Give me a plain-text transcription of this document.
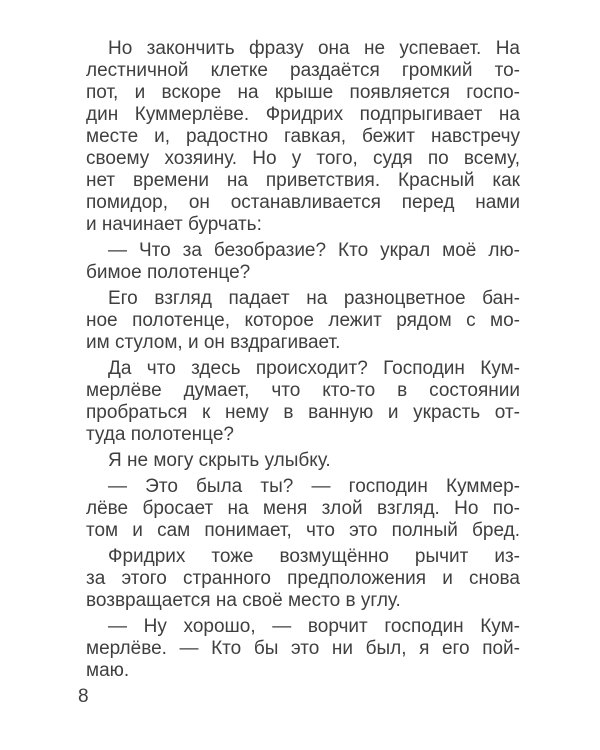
Но закончить фразу она не успевает. На
лестничной клетке раздаётся громкий то-
пот, и вскоре на крыше появляется госпо-
дин Куммерлёве. Фридрих подпрыгивает на
месте и, радостно гавкая, бежит навстречу
своему хозяину. Но у того, судя по всему,
нет времени на приветствия. Красный как
помидор, он останавливается перед нами
и начинает бурчать:
— Что за безобразие? Кто украл моё лю-
бимое полотенце?
Его взгляд падает на разноцветное бан-
ное полотенце, которое лежит рядом с мо-
им стулом, и он вздрагивает.
Да что здесь происходит? Господин Кум-
мерлёве думает, что кто-то в состоянии
пробраться к нему в ванную и украсть от-
туда полотенце?
Я не могу скрыть улыбку.
— Это была ты? — господин Куммер-
лёве бросает на меня злой взгляд. Но по-
том и сам понимает, что это полный бред.
Фридрих тоже возмущённо рычит из-
за этого странного предположения и снова
возвращается на своё место в углу.
— Ну хорошо, — ворчит господин Кум-
мерлёве. — Кто бы это ни был, я его пой-
маю.
8
